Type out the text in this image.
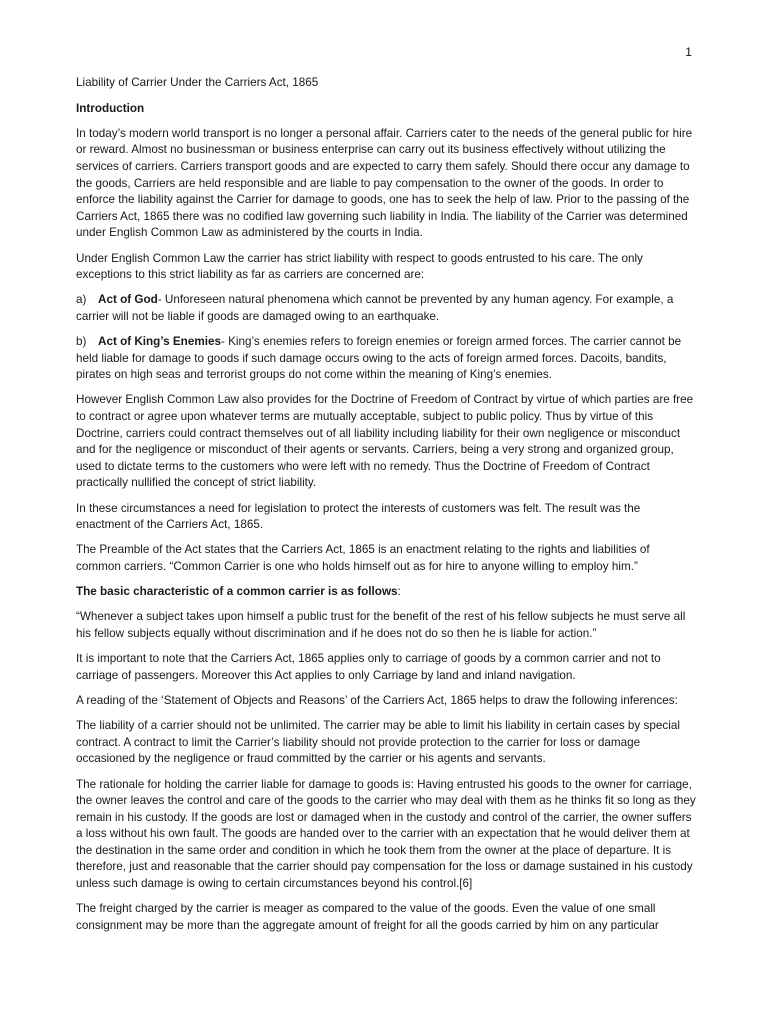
1

Liability of Carrier Under the Carriers Act, 1865

Introduction

In today’s modern world transport is no longer a personal affair. Carriers cater to the needs of the general public for hire or reward. Almost no businessman or business enterprise can carry out its business effectively without utilizing the services of carriers. Carriers transport goods and are expected to carry them safely. Should there occur any damage to the goods, Carriers are held responsible and are liable to pay compensation to the owner of the goods. In order to enforce the liability against the Carrier for damage to goods, one has to seek the help of law. Prior to the passing of the Carriers Act, 1865 there was no codified law governing such liability in India. The liability of the Carrier was determined under English Common Law as administered by the courts in India.

Under English Common Law the carrier has strict liability with respect to goods entrusted to his care. The only exceptions to this strict liability as far as carriers are concerned are:

a) Act of God- Unforeseen natural phenomena which cannot be prevented by any human agency. For example, a carrier will not be liable if goods are damaged owing to an earthquake.

b) Act of King’s Enemies- King’s enemies refers to foreign enemies or foreign armed forces. The carrier cannot be held liable for damage to goods if such damage occurs owing to the acts of foreign armed forces. Dacoits, bandits, pirates on high seas and terrorist groups do not come within the meaning of King’s enemies.

However English Common Law also provides for the Doctrine of Freedom of Contract by virtue of which parties are free to contract or agree upon whatever terms are mutually acceptable, subject to public policy. Thus by virtue of this Doctrine, carriers could contract themselves out of all liability including liability for their own negligence or misconduct and for the negligence or misconduct of their agents or servants. Carriers, being a very strong and organized group, used to dictate terms to the customers who were left with no remedy. Thus the Doctrine of Freedom of Contract practically nullified the concept of strict liability.

In these circumstances a need for legislation to protect the interests of customers was felt. The result was the enactment of the Carriers Act, 1865.

The Preamble of the Act states that the Carriers Act, 1865 is an enactment relating to the rights and liabilities of common carriers. “Common Carrier is one who holds himself out as for hire to anyone willing to employ him.”

The basic characteristic of a common carrier is as follows:

“Whenever a subject takes upon himself a public trust for the benefit of the rest of his fellow subjects he must serve all his fellow subjects equally without discrimination and if he does not do so then he is liable for action.”

It is important to note that the Carriers Act, 1865 applies only to carriage of goods by a common carrier and not to carriage of passengers. Moreover this Act applies to only Carriage by land and inland navigation.

A reading of the ‘Statement of Objects and Reasons’ of the Carriers Act, 1865 helps to draw the following inferences:

The liability of a carrier should not be unlimited. The carrier may be able to limit his liability in certain cases by special contract. A contract to limit the Carrier’s liability should not provide protection to the carrier for loss or damage occasioned by the negligence or fraud committed by the carrier or his agents and servants.

The rationale for holding the carrier liable for damage to goods is: Having entrusted his goods to the owner for carriage, the owner leaves the control and care of the goods to the carrier who may deal with them as he thinks fit so long as they remain in his custody. If the goods are lost or damaged when in the custody and control of the carrier, the owner suffers a loss without his own fault. The goods are handed over to the carrier with an expectation that he would deliver them at the destination in the same order and condition in which he took them from the owner at the place of departure. It is therefore, just and reasonable that the carrier should pay compensation for the loss or damage sustained in his custody unless such damage is owing to certain circumstances beyond his control.[6]

The freight charged by the carrier is meager as compared to the value of the goods. Even the value of one small consignment may be more than the aggregate amount of freight for all the goods carried by him on any particular
